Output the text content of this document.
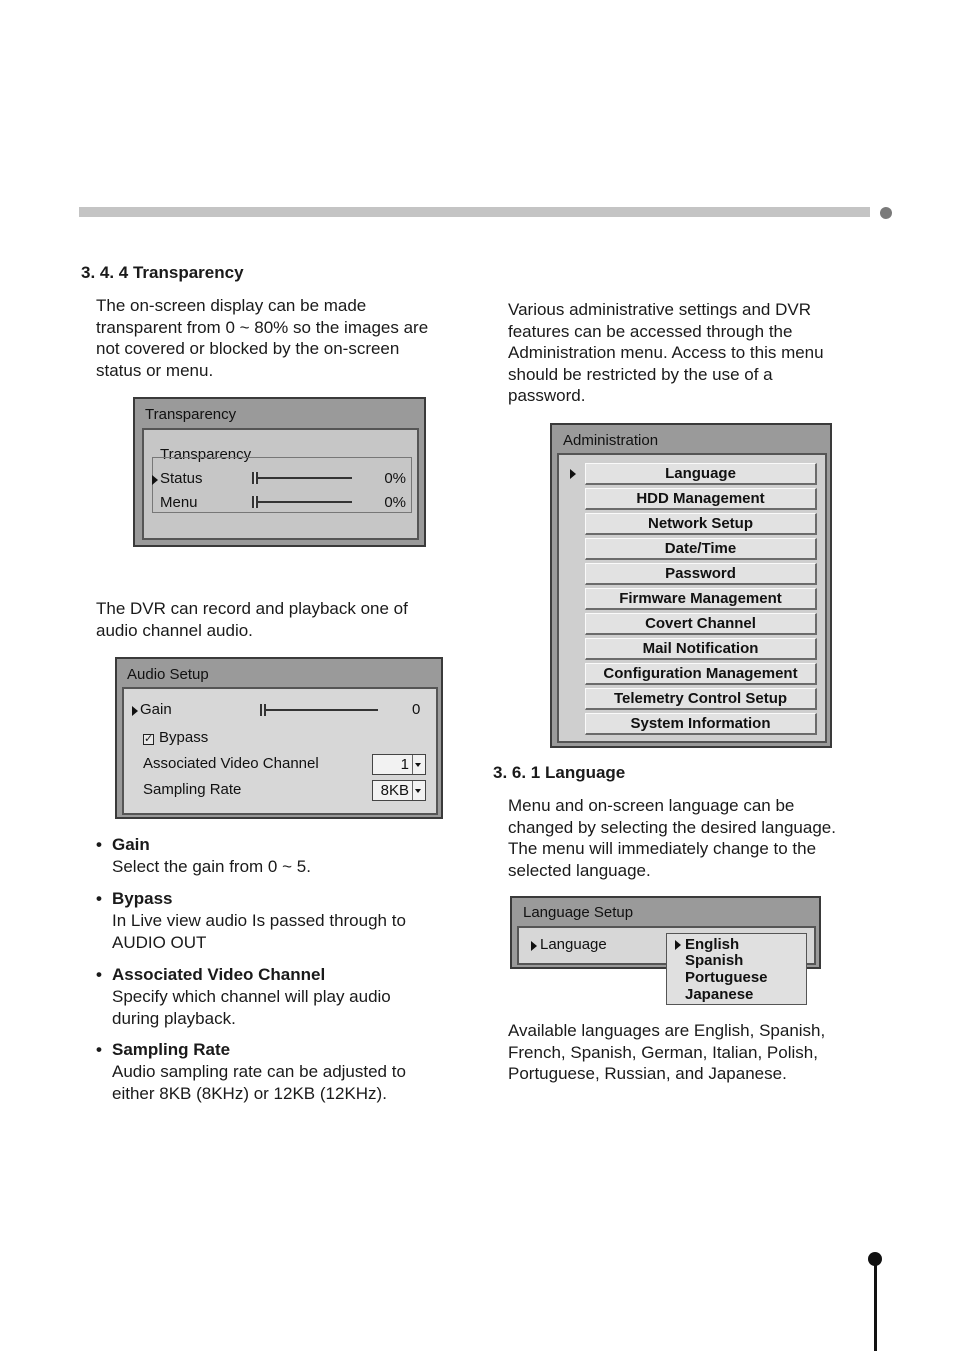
3. 4. 4 Transparency
The on-screen display can be made
transparent from 0 ~ 80% so the images are
not covered or blocked by the on-screen
status or menu.
Transparency
Transparency
Status	0%
Menu	0%
The DVR can record and playback one of
audio channel audio.
Audio Setup
Gain	0
✓ Bypass
Associated Video Channel	1
Sampling Rate	8KB
• Gain
Select the gain from 0 ~ 5.
• Bypass
In Live view audio Is passed through to
AUDIO OUT
• Associated Video Channel
Specify which channel will play audio
during playback.
• Sampling Rate
Audio sampling rate can be adjusted to
either 8KB (8KHz) or 12KB (12KHz).
Various administrative settings and DVR
features can be accessed through the
Administration menu. Access to this menu
should be restricted by the use of a
password.
Administration
Language
HDD Management
Network Setup
Date/Time
Password
Firmware Management
Covert Channel
Mail Notification
Configuration Management
Telemetry Control Setup
System Information
3. 6. 1 Language
Menu and on-screen language can be
changed by selecting the desired language.
The menu will immediately change to the
selected language.
Language Setup
Language	English
Spanish
Portuguese
Japanese
Available languages are English, Spanish,
French, Spanish, German, Italian, Polish,
Portuguese, Russian, and Japanese.
